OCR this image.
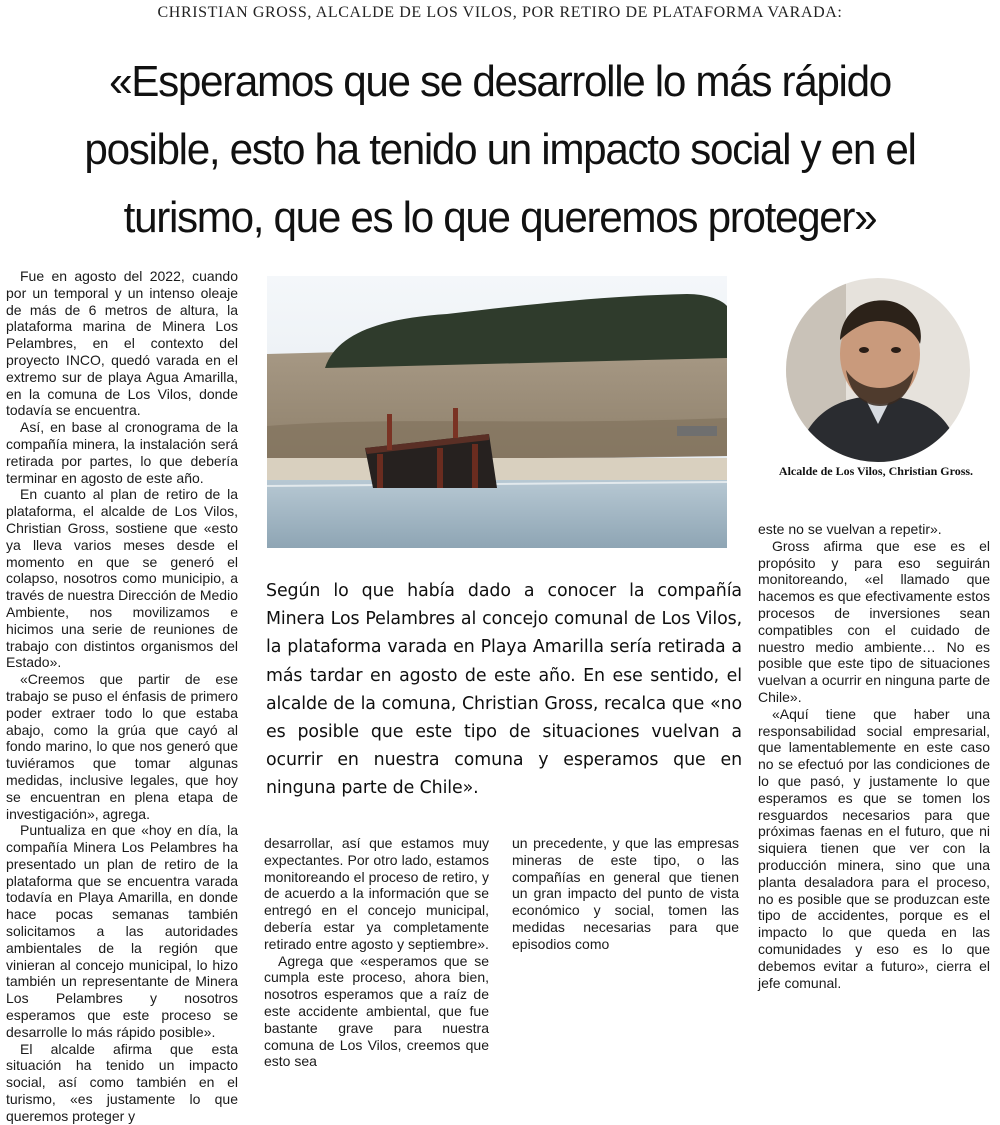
CHRISTIAN GROSS, ALCALDE DE LOS VILOS, POR RETIRO DE PLATAFORMA VARADA:
«Esperamos que se desarrolle lo más rápido posible, esto ha tenido un impacto social y en el turismo, que es lo que queremos proteger»

Fue en agosto del 2022, cuando por un temporal y un intenso oleaje de más de 6 metros de altura, la plataforma marina de Minera Los Pelambres, en el contexto del proyecto INCO, quedó varada en el extremo sur de playa Agua Amarilla, en la comuna de Los Vilos, donde todavía se encuentra.

Así, en base al cronograma de la compañía minera, la instalación será retirada por partes, lo que debería terminar en agosto de este año.

En cuanto al plan de retiro de la plataforma, el alcalde de Los Vilos, Christian Gross, sostiene que «esto ya lleva varios meses desde el momento en que se generó el colapso, nosotros como municipio, a través de nuestra Dirección de Medio Ambiente, nos movilizamos e hicimos una serie de reuniones de trabajo con distintos organismos del Estado».

«Creemos que partir de ese trabajo se puso el énfasis de primero poder extraer todo lo que estaba abajo, como la grúa que cayó al fondo marino, lo que nos generó que tuviéramos que tomar algunas medidas, inclusive legales, que hoy se encuentran en plena etapa de investigación», agrega.

Puntualiza en que «hoy en día, la compañía Minera Los Pelambres ha presentado un plan de retiro de la plataforma que se encuentra varada todavía en Playa Amarilla, en donde hace pocas semanas también solicitamos a las autoridades ambientales de la región que vinieran al concejo municipal, lo hizo también un representante de Minera Los Pelambres y nosotros esperamos que este proceso se desarrolle lo más rápido posible».

El alcalde afirma que esta situación ha tenido un impacto social, así como también en el turismo, «es justamente lo que queremos proteger y

Alcalde de Los Vilos, Christian Gross.
Según lo que había dado a conocer la compañía Minera Los Pelambres al concejo comunal de Los Vilos, la plataforma varada en Playa Amarilla sería retirada a más tardar en agosto de este año. En ese sentido, el alcalde de la comuna, Christian Gross, recalca que «no es posible que este tipo de situaciones vuelvan a ocurrir en nuestra comuna y esperamos que en ninguna parte de Chile».

desarrollar, así que estamos muy expectantes. Por otro lado, estamos monitoreando el proceso de retiro, y de acuerdo a la información que se entregó en el concejo municipal, debería estar ya completamente retirado entre agosto y septiembre».

Agrega que «esperamos que se cumpla este proceso, ahora bien, nosotros esperamos que a raíz de este accidente ambiental, que fue bastante grave para nuestra comuna de Los Vilos, creemos que esto sea

un precedente, y que las empresas mineras de este tipo, o las compañías en general que tienen un gran impacto del punto de vista económico y social, tomen las medidas necesarias para que episodios como

este no se vuelvan a repetir».

Gross afirma que ese es el propósito y para eso seguirán monitoreando, «el llamado que hacemos es que efectivamente estos procesos de inversiones sean compatibles con el cuidado de nuestro medio ambiente… No es posible que este tipo de situaciones vuelvan a ocurrir en ninguna parte de Chile».

«Aquí tiene que haber una responsabilidad social empresarial, que lamentablemente en este caso no se efectuó por las condiciones de lo que pasó, y justamente lo que esperamos es que se tomen los resguardos necesarios para que próximas faenas en el futuro, que ni siquiera tienen que ver con la producción minera, sino que una planta desaladora para el proceso, no es posible que se produzcan este tipo de accidentes, porque es el impacto lo que queda en las comunidades y eso es lo que debemos evitar a futuro», cierra el jefe comunal.
